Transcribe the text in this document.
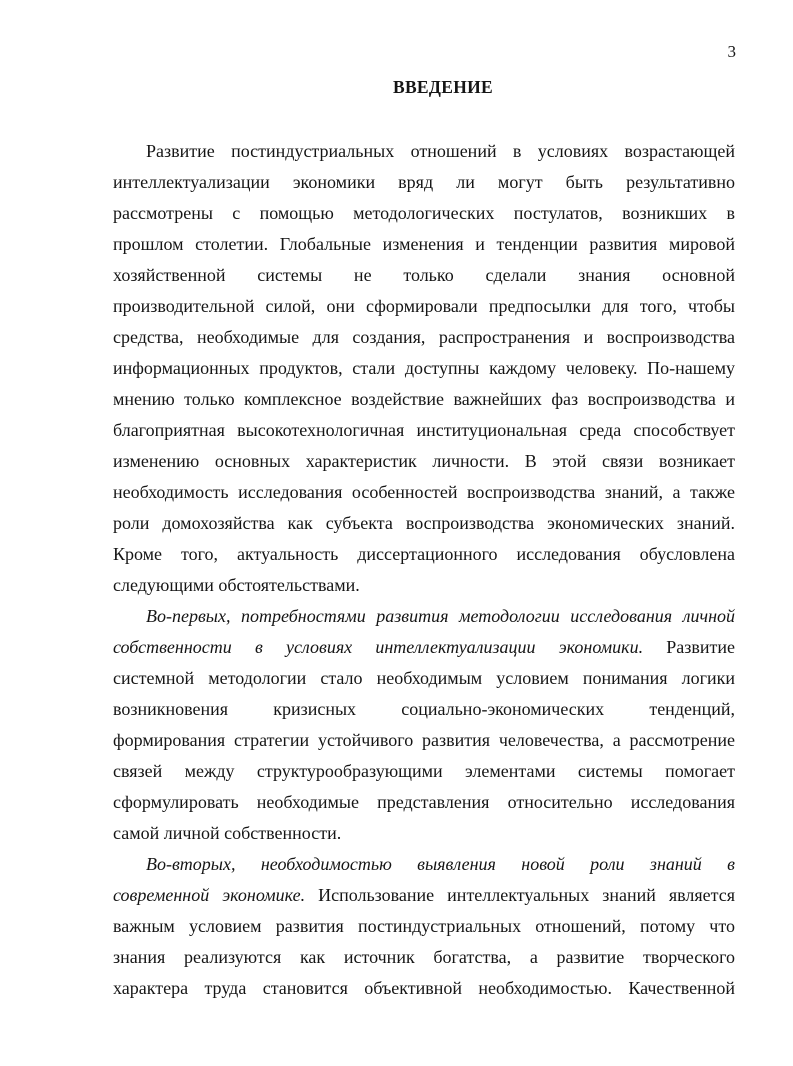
3
ВВЕДЕНИЕ
Развитие постиндустриальных отношений в условиях возрастающей
интеллектуализации экономики вряд ли могут быть результативно
рассмотрены с помощью методологических постулатов, возникших в
прошлом столетии. Глобальные изменения и тенденции развития мировой
хозяйственной системы не только сделали знания основной
производительной силой, они сформировали предпосылки для того, чтобы
средства, необходимые для создания, распространения и воспроизводства
информационных продуктов, стали доступны каждому человеку. По-нашему
мнению только комплексное воздействие важнейших фаз воспроизводства и
благоприятная высокотехнологичная институциональная среда способствует
изменению основных характеристик личности. В этой связи возникает
необходимость исследования особенностей воспроизводства знаний, а также
роли домохозяйства как субъекта воспроизводства экономических знаний.
Кроме того, актуальность диссертационного исследования обусловлена
следующими обстоятельствами.
Во-первых, потребностями развития методологии исследования личной
собственности в условиях интеллектуализации экономики. Развитие
системной методологии стало необходимым условием понимания логики
возникновения кризисных социально-экономических тенденций,
формирования стратегии устойчивого развития человечества, а рассмотрение
связей между структурообразующими элементами системы помогает
сформулировать необходимые представления относительно исследования
самой личной собственности.
Во-вторых, необходимостью выявления новой роли знаний в
современной экономике. Использование интеллектуальных знаний является
важным условием развития постиндустриальных отношений, потому что
знания реализуются как источник богатства, а развитие творческого
характера труда становится объективной необходимостью. Качественной
